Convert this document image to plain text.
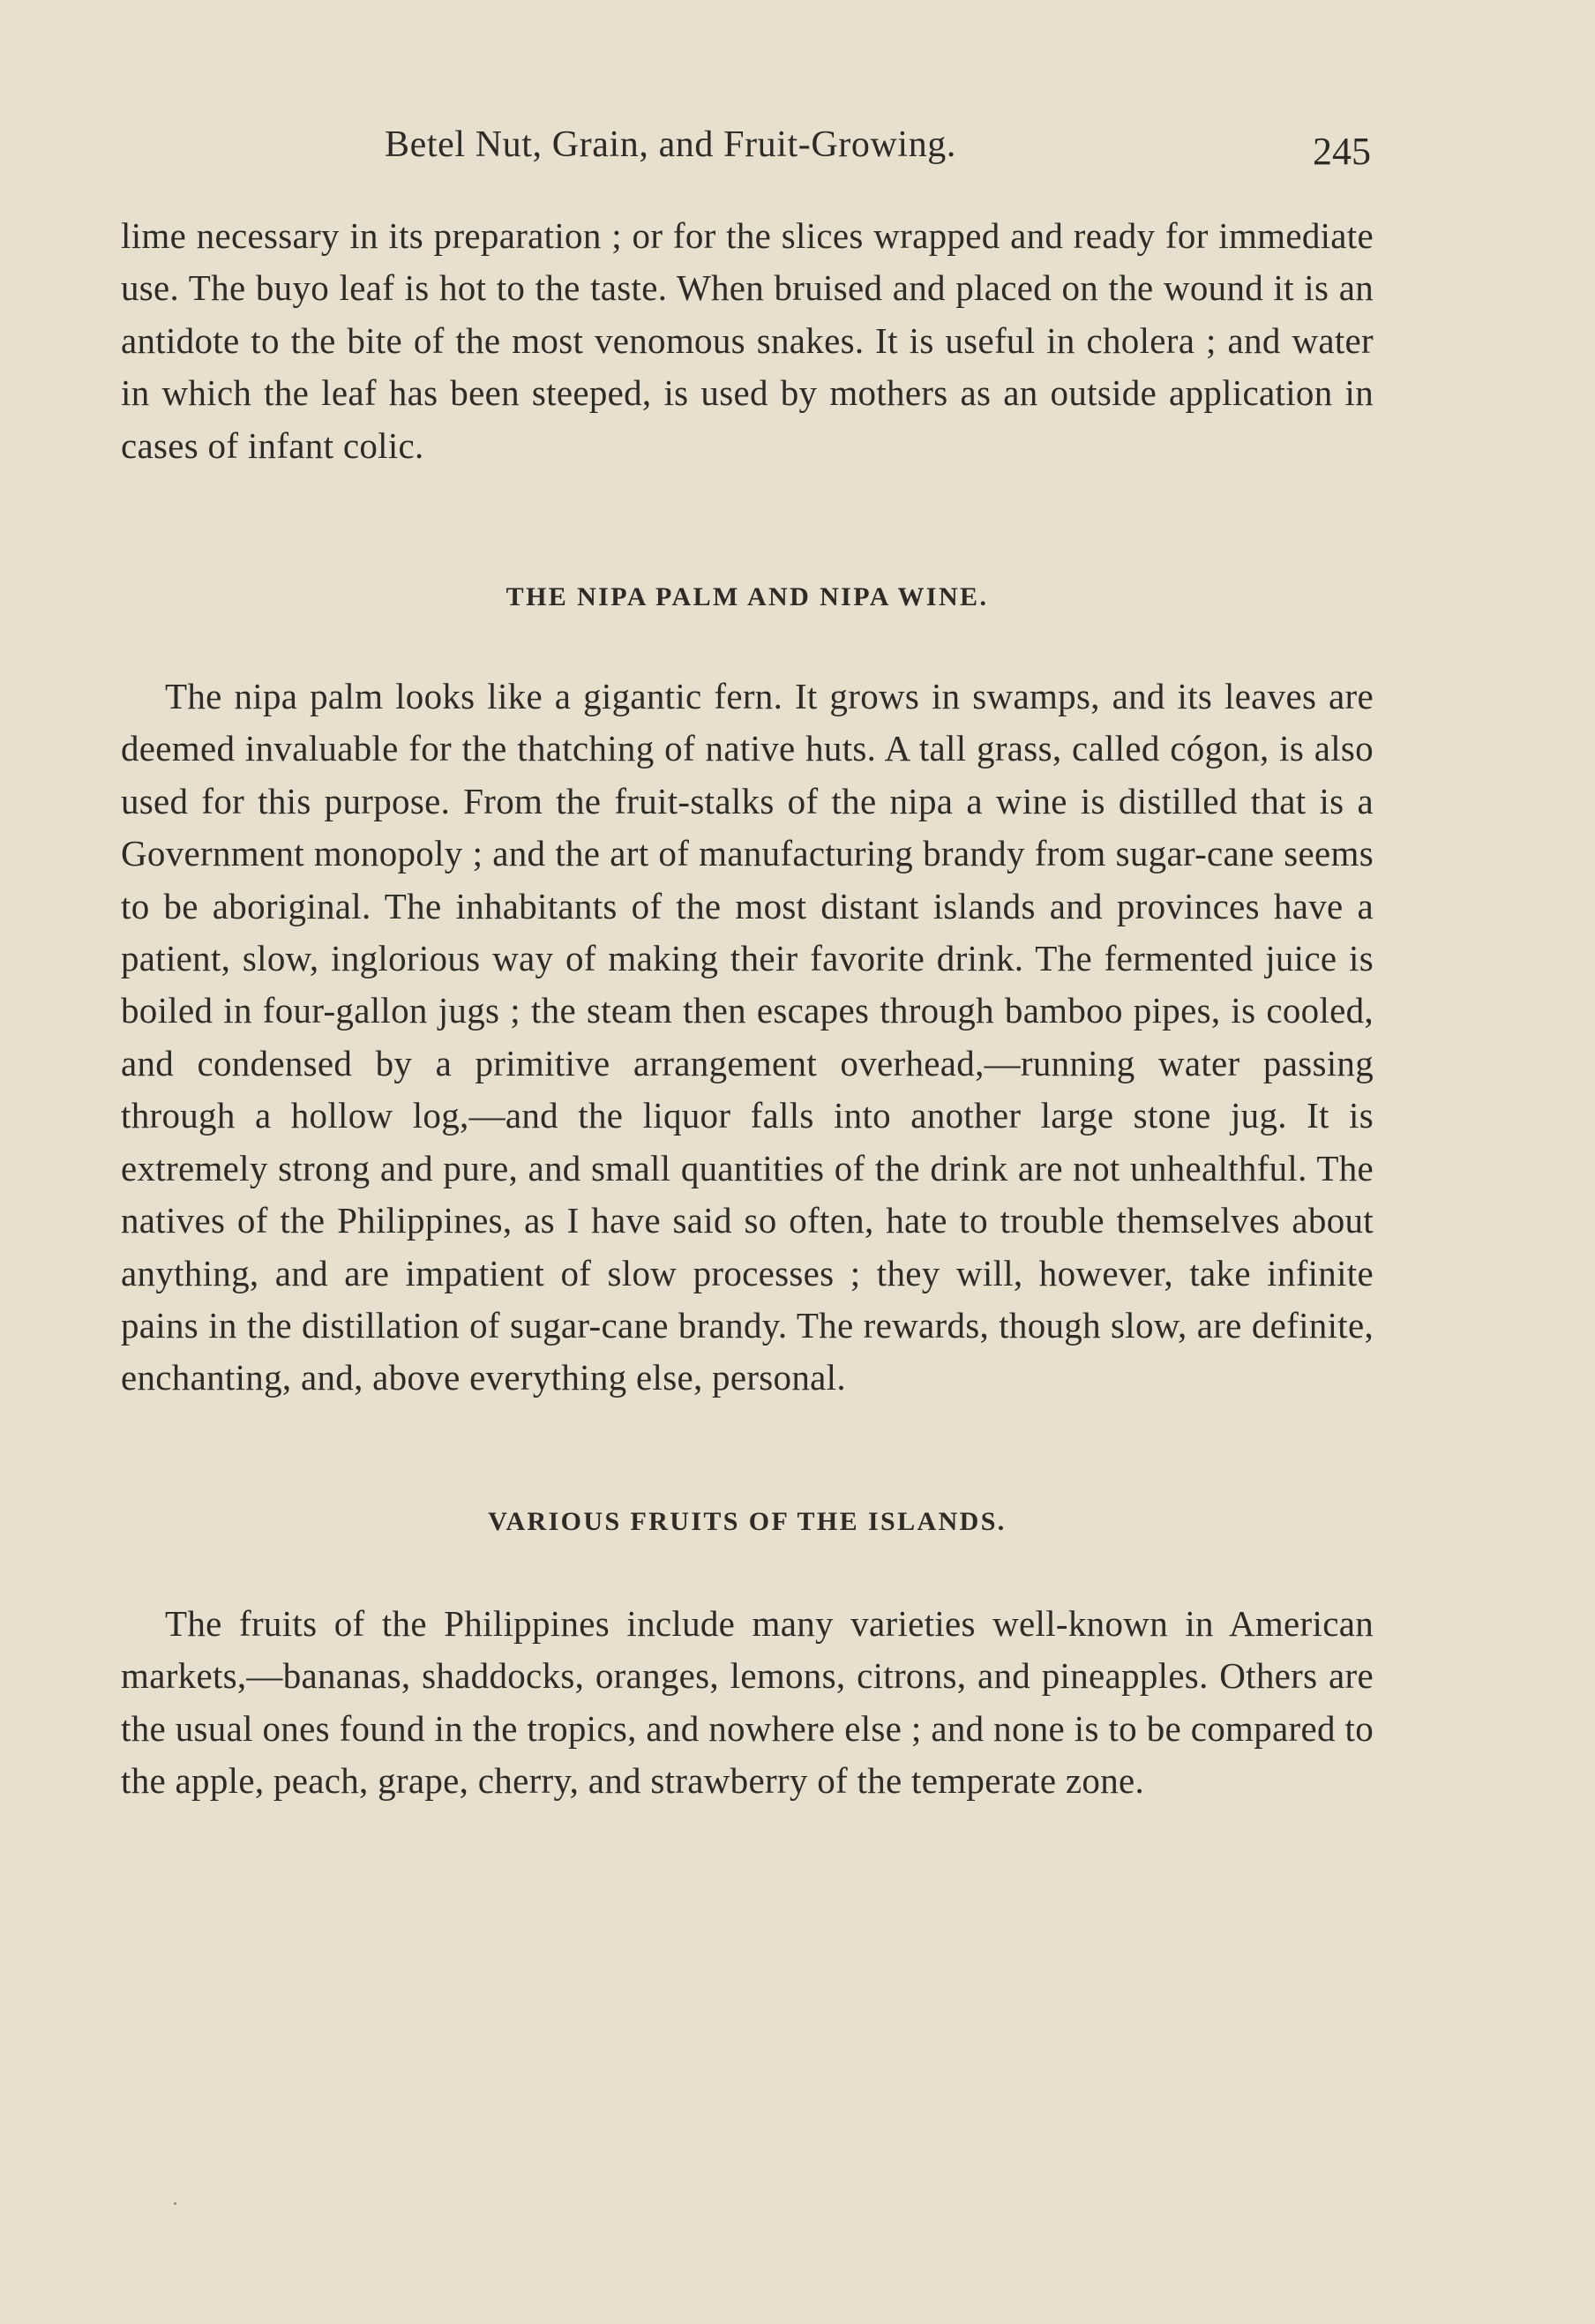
Betel Nut, Grain, and Fruit-Growing.	245

lime necessary in its preparation ; or for the slices wrapped and ready for immediate use. The buyo leaf is hot to the taste. When bruised and placed on the wound it is an antidote to the bite of the most venomous snakes. It is useful in cholera ; and water in which the leaf has been steeped, is used by mothers as an outside application in cases of infant colic.

THE NIPA PALM AND NIPA WINE.

The nipa palm looks like a gigantic fern. It grows in swamps, and its leaves are deemed invaluable for the thatching of native huts. A tall grass, called cógon, is also used for this purpose. From the fruit-stalks of the nipa a wine is distilled that is a Government monopoly ; and the art of manufacturing brandy from sugar-cane seems to be aboriginal. The inhabitants of the most distant islands and provinces have a patient, slow, inglorious way of making their favorite drink. The fermented juice is boiled in four-gallon jugs ; the steam then escapes through bamboo pipes, is cooled, and condensed by a primitive arrangement overhead,—running water passing through a hollow log,—and the liquor falls into another large stone jug. It is extremely strong and pure, and small quantities of the drink are not unhealthful. The natives of the Philippines, as I have said so often, hate to trouble themselves about anything, and are impatient of slow processes ; they will, however, take infinite pains in the distillation of sugar-cane brandy. The rewards, though slow, are definite, enchanting, and, above everything else, personal.

VARIOUS FRUITS OF THE ISLANDS.

The fruits of the Philippines include many varieties well-known in American markets,—bananas, shaddocks, oranges, lemons, citrons, and pineapples. Others are the usual ones found in the tropics, and nowhere else ; and none is to be compared to the apple, peach, grape, cherry, and strawberry of the temperate zone.
